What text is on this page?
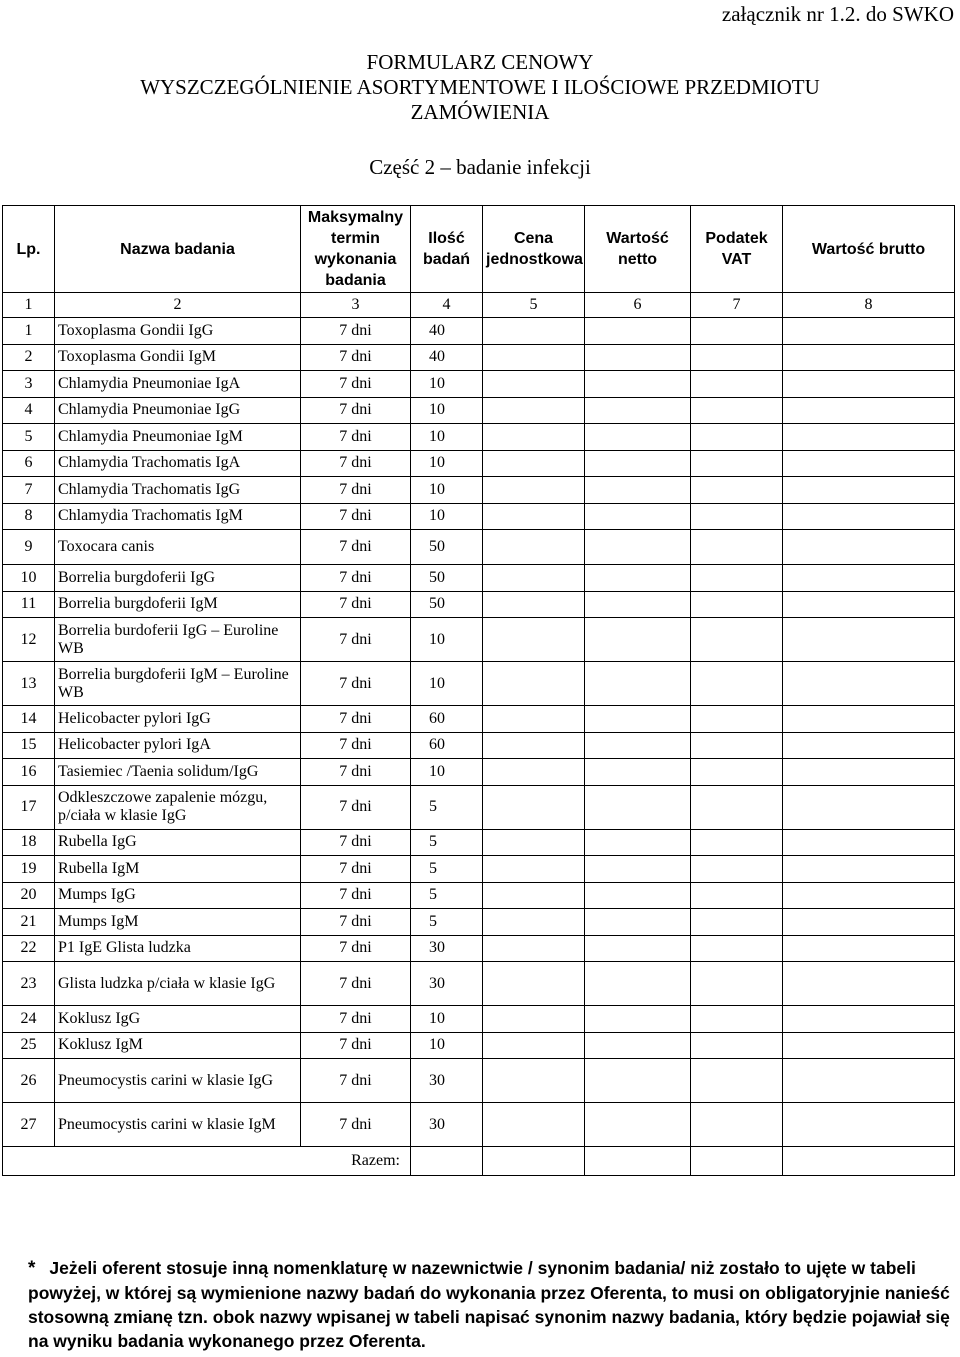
załącznik nr 1.2. do SWKO
FORMULARZ CENOWY
WYSZCZEGÓLNIENIE ASORTYMENTOWE I ILOŚCIOWE PRZEDMIOTU
ZAMÓWIENIA
Część 2 – badanie infekcji
Lp.	Nazwa badania	Maksymalny termin wykonania badania	Ilość badań	Cena jednostkowa	Wartość netto	Podatek VAT	Wartość brutto
1	2	3	4	5	6	7	8
1	Toxoplasma Gondii IgG	7 dni	40				
2	Toxoplasma Gondii IgM	7 dni	40				
3	Chlamydia Pneumoniae IgA	7 dni	10				
4	Chlamydia Pneumoniae IgG	7 dni	10				
5	Chlamydia Pneumoniae IgM	7 dni	10				
6	Chlamydia Trachomatis IgA	7 dni	10				
7	Chlamydia Trachomatis IgG	7 dni	10				
8	Chlamydia Trachomatis IgM	7 dni	10				
9	Toxocara canis	7 dni	50				
10	Borrelia burgdoferii IgG	7 dni	50				
11	Borrelia burgdoferii IgM	7 dni	50				
12	Borrelia burdoferii IgG – Euroline WB	7 dni	10				
13	Borrelia burgdoferii IgM – Euroline WB	7 dni	10				
14	Helicobacter pylori IgG	7 dni	60				
15	Helicobacter pylori IgA	7 dni	60				
16	Tasiemiec /Taenia solidum/IgG	7 dni	10				
17	Odkleszczowe zapalenie mózgu, p/ciała w klasie IgG	7 dni	5				
18	Rubella IgG	7 dni	5				
19	Rubella IgM	7 dni	5				
20	Mumps IgG	7 dni	5				
21	Mumps IgM	7 dni	5				
22	P1 IgE Glista ludzka	7 dni	30				
23	Glista ludzka p/ciała w klasie IgG	7 dni	30				
24	Koklusz IgG	7 dni	10				
25	Koklusz IgM	7 dni	10				
26	Pneumocystis carini w klasie IgG	7 dni	30				
27	Pneumocystis carini w klasie IgM	7 dni	30				
Razem:							
* Jeżeli oferent stosuje inną nomenklaturę w nazewnictwie / synonim badania/ niż zostało to ujęte w tabeli powyżej, w której są wymienione nazwy badań do wykonania przez Oferenta, to musi on obligatoryjnie nanieść stosowną zmianę tzn. obok nazwy wpisanej w tabeli napisać synonim nazwy badania, który będzie pojawiał się na wyniku badania wykonanego przez Oferenta.
